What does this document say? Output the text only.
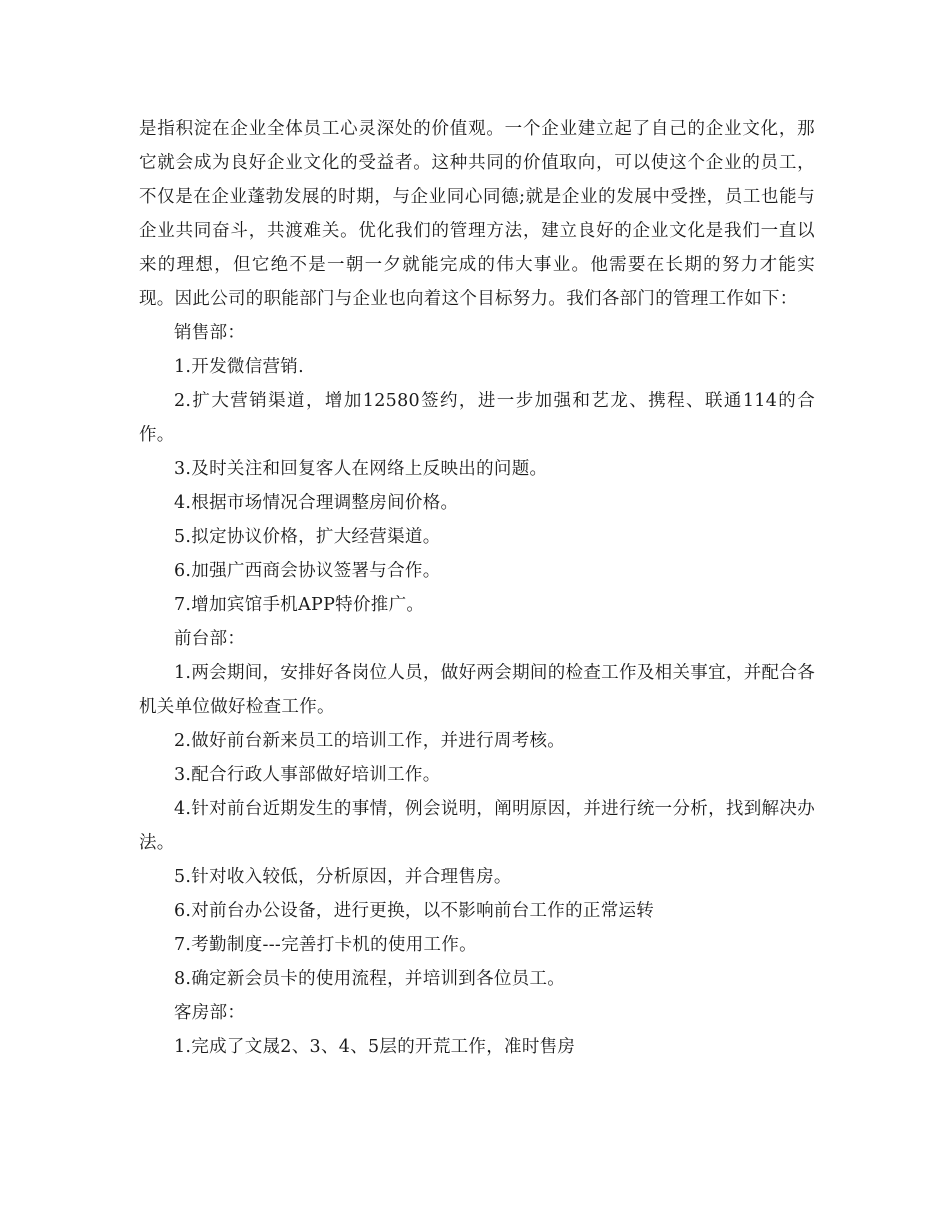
是指积淀在企业全体员工心灵深处的价值观。一个企业建立起了自己的企业文化，那它就会成为良好企业文化的受益者。这种共同的价值取向，可以使这个企业的员工，不仅是在企业蓬勃发展的时期，与企业同心同德;就是企业的发展中受挫，员工也能与企业共同奋斗，共渡难关。优化我们的管理方法，建立良好的企业文化是我们一直以来的理想，但它绝不是一朝一夕就能完成的伟大事业。他需要在长期的努力才能实现。因此公司的职能部门与企业也向着这个目标努力。我们各部门的管理工作如下：

销售部：

1.开发微信营销.

2.扩大营销渠道，增加12580签约，进一步加强和艺龙、携程、联通114的合作。

3.及时关注和回复客人在网络上反映出的问题。

4.根据市场情况合理调整房间价格。

5.拟定协议价格，扩大经营渠道。

6.加强广西商会协议签署与合作。

7.增加宾馆手机APP特价推广。

前台部：

1.两会期间，安排好各岗位人员，做好两会期间的检查工作及相关事宜，并配合各机关单位做好检查工作。

2.做好前台新来员工的培训工作，并进行周考核。

3.配合行政人事部做好培训工作。

4.针对前台近期发生的事情，例会说明，阐明原因，并进行统一分析，找到解决办法。

5.针对收入较低，分析原因，并合理售房。

6.对前台办公设备，进行更换，以不影响前台工作的正常运转

7.考勤制度---完善打卡机的使用工作。

8.确定新会员卡的使用流程，并培训到各位员工。

客房部：

1.完成了文晟2、3、4、5层的开荒工作，准时售房
